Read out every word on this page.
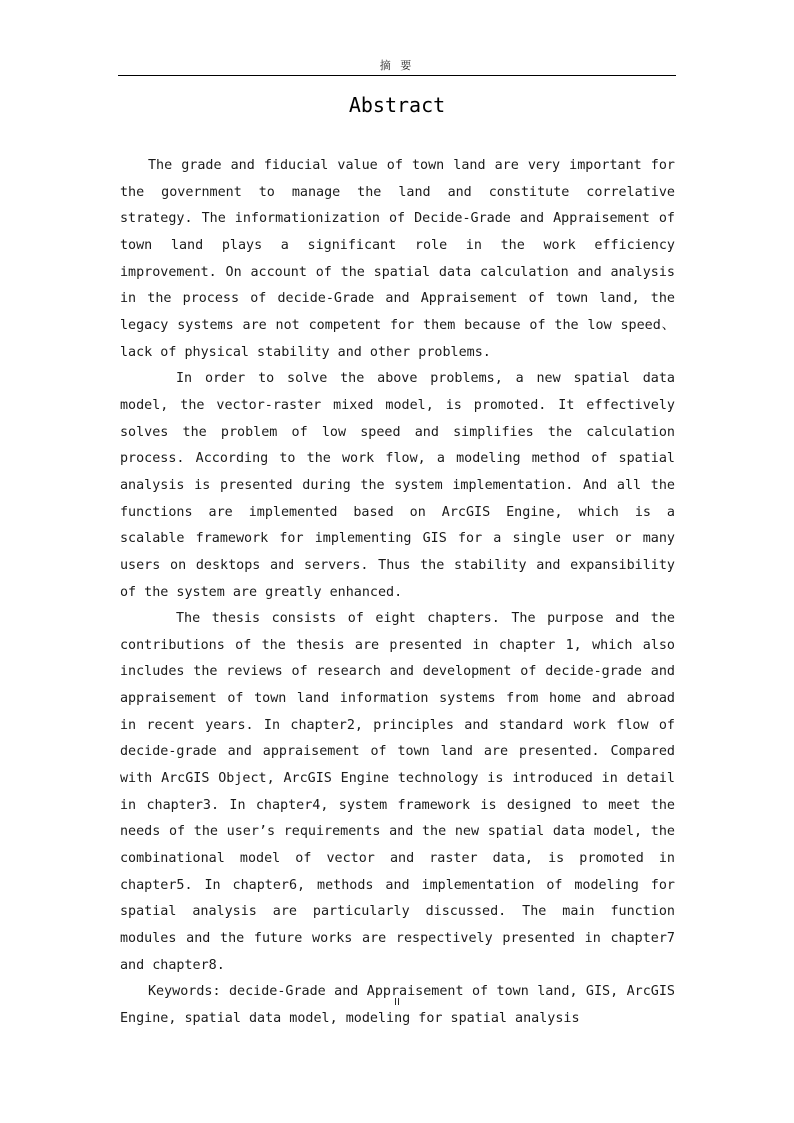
摘 要
Abstract

The grade and fiducial value of town land are very important for the government to manage the land and constitute correlative strategy. The informationization of Decide-Grade and Appraisement of town land plays a significant role in the work efficiency improvement. On account of the spatial data calculation and analysis in the process of decide-Grade and Appraisement of town land, the legacy systems are not competent for them because of the low speed、lack of physical stability and other problems.

In order to solve the above problems, a new spatial data model, the vector-raster mixed model, is promoted. It effectively solves the problem of low speed and simplifies the calculation process. According to the work flow, a modeling method of spatial analysis is presented during the system implementation. And all the functions are implemented based on ArcGIS Engine, which is a scalable framework for implementing GIS for a single user or many users on desktops and servers. Thus the stability and expansibility of the system are greatly enhanced.

The thesis consists of eight chapters. The purpose and the contributions of the thesis are presented in chapter 1, which also includes the reviews of research and development of decide-grade and appraisement of town land information systems from home and abroad in recent years. In chapter2, principles and standard work flow of decide-grade and appraisement of town land are presented. Compared with ArcGIS Object, ArcGIS Engine technology is introduced in detail in chapter3. In chapter4, system framework is designed to meet the needs of the user’s requirements and the new spatial data model, the combinational model of vector and raster data, is promoted in chapter5. In chapter6, methods and implementation of modeling for spatial analysis are particularly discussed. The main function modules and the future works are respectively presented in chapter7 and chapter8.

Keywords: decide-Grade and Appraisement of town land, GIS, ArcGIS Engine, spatial data model, modeling for spatial analysis

II
